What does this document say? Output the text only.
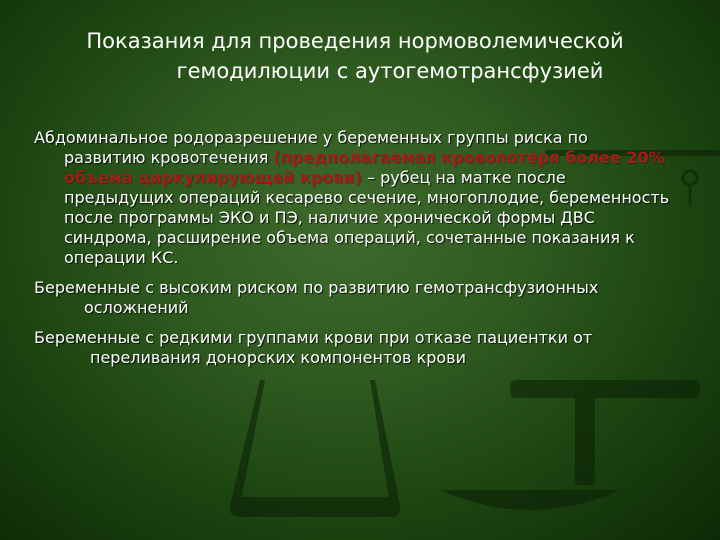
Показания для проведения нормоволемической
гемодилюции с аутогемотрансфузией

Абдоминальное родоразрешение у беременных группы риска по развитию кровотечения (предполагаемая кровопотеря более 20% объема циркулирующей крови) – рубец на матке после предыдущих операций кесарево сечение, многоплодие, беременность после программы ЭКО и ПЭ, наличие хронической формы ДВС синдрома, расширение объема операций, сочетанные показания к операции КС.

Беременные с высоким риском по развитию гемотрансфузионных
осложнений

Беременные с редкими группами крови при отказе пациентки от
переливания донорских компонентов крови
